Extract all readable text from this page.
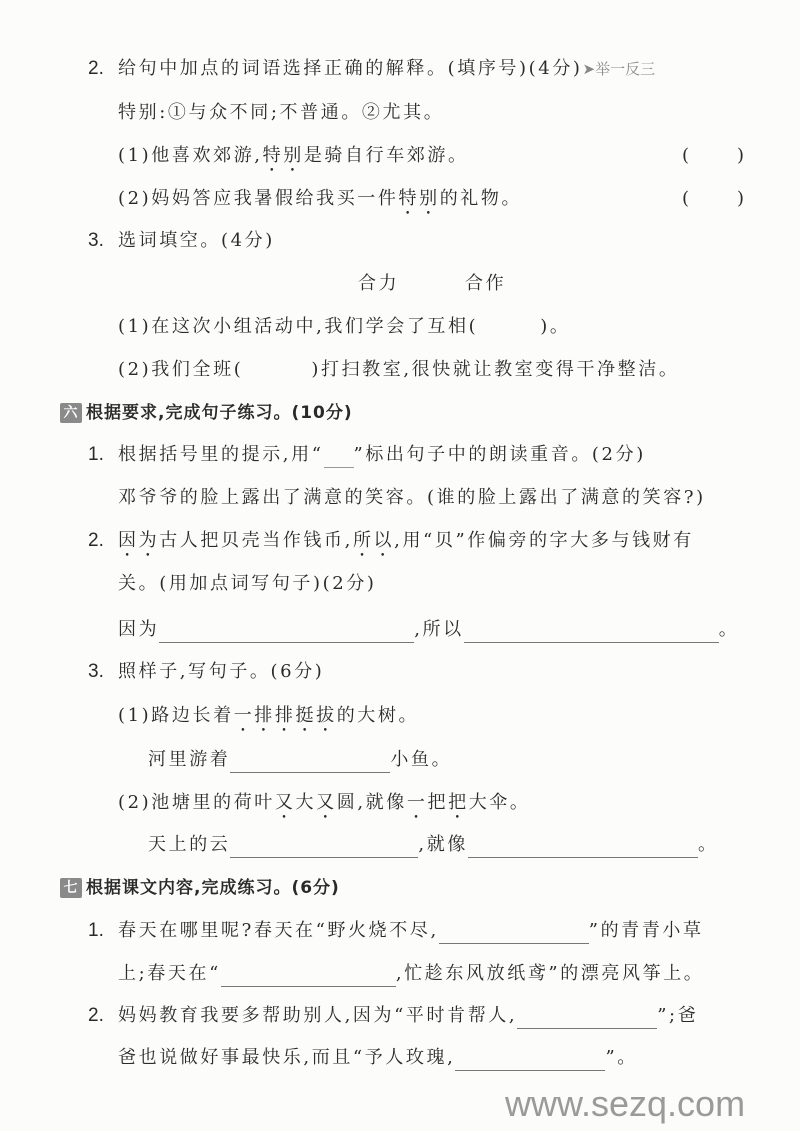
2. 给句中加点的词语选择正确的解释。(填序号)(4分)➤举一反三
特别:①与众不同;不普通。②尤其。
(1)他喜欢郊游,特别是骑自行车郊游。	(	)
(2)妈妈答应我暑假给我买一件特别的礼物。	(	)
3. 选词填空。(4分)
合力	合作
(1)在这次小组活动中,我们学会了互相(	)。
(2)我们全班(	)打扫教室,很快就让教室变得干净整洁。
六 根据要求,完成句子练习。(10分)
1. 根据括号里的提示,用“ ”标出句子中的朗读重音。(2分)
邓爷爷的脸上露出了满意的笑容。(谁的脸上露出了满意的笑容?)
2. 因为古人把贝壳当作钱币,所以,用“贝”作偏旁的字大多与钱财有
关。(用加点词写句子)(2分)
因为	,所以	。
3. 照样子,写句子。(6分)
(1)路边长着一排排挺拔的大树。
河里游着	小鱼。
(2)池塘里的荷叶又大又圆,就像一把把大伞。
天上的云	,就像	。
七 根据课文内容,完成练习。(6分)
1. 春天在哪里呢?春天在“野火烧不尽,	”的青青小草
上;春天在“	,忙趁东风放纸鸢”的漂亮风筝上。
2. 妈妈教育我要多帮助别人,因为“平时肯帮人,	”;爸
爸也说做好事最快乐,而且“予人玫瑰,	”。
www.sezq.com
